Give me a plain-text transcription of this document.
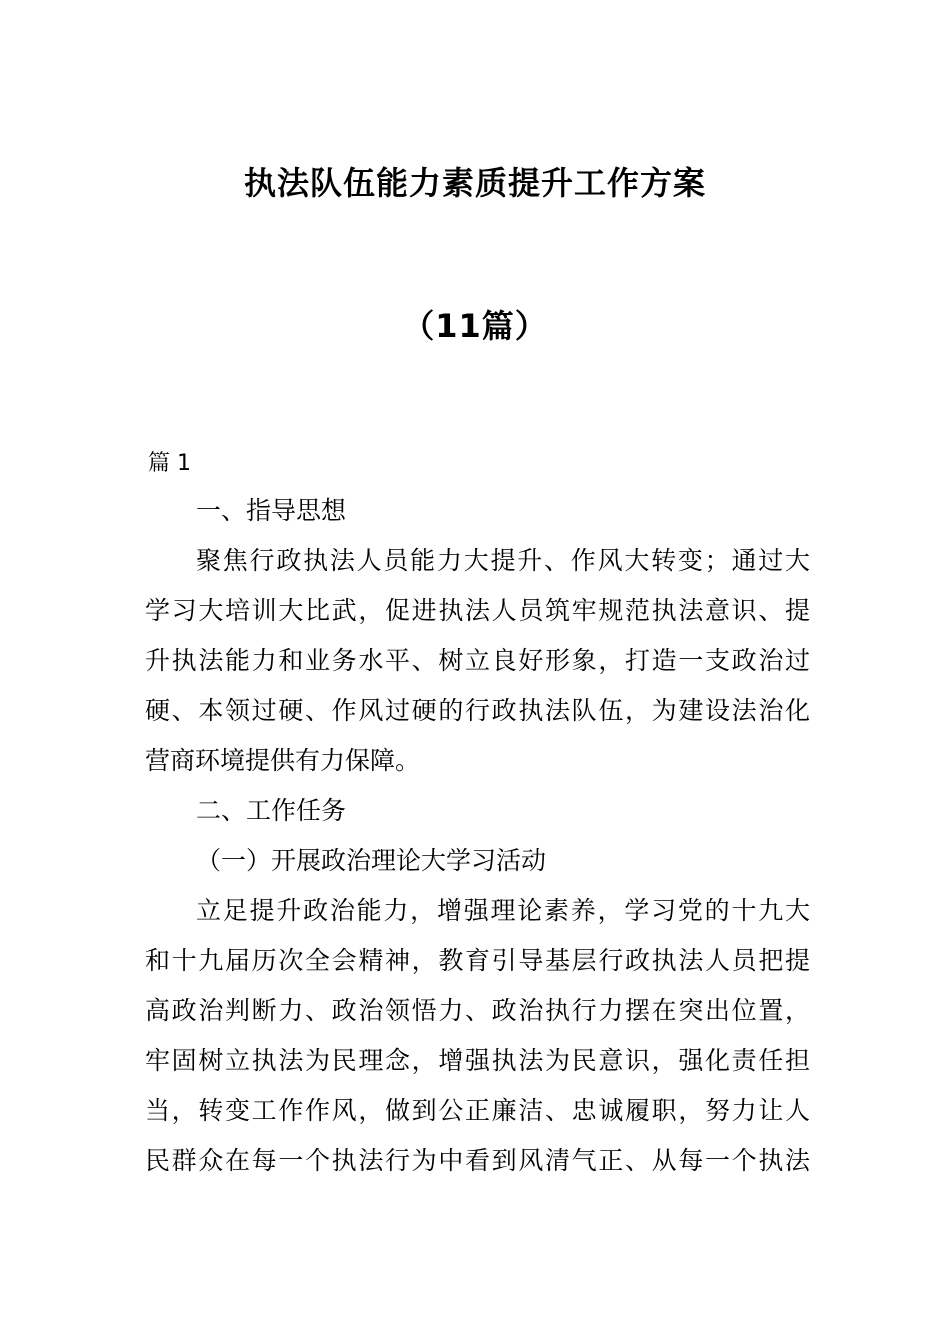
执法队伍能力素质提升工作方案
（11篇）
篇 1
一、指导思想
聚焦行政执法人员能力大提升、作风大转变；通过大
学习大培训大比武，促进执法人员筑牢规范执法意识、提
升执法能力和业务水平、树立良好形象，打造一支政治过
硬、本领过硬、作风过硬的行政执法队伍，为建设法治化
营商环境提供有力保障。
二、工作任务
（一）开展政治理论大学习活动
立足提升政治能力，增强理论素养，学习党的十九大
和十九届历次全会精神，教育引导基层行政执法人员把提
高政治判断力、政治领悟力、政治执行力摆在突出位置，
牢固树立执法为民理念，增强执法为民意识，强化责任担
当，转变工作作风，做到公正廉洁、忠诚履职，努力让人
民群众在每一个执法行为中看到风清气正、从每一个执法
